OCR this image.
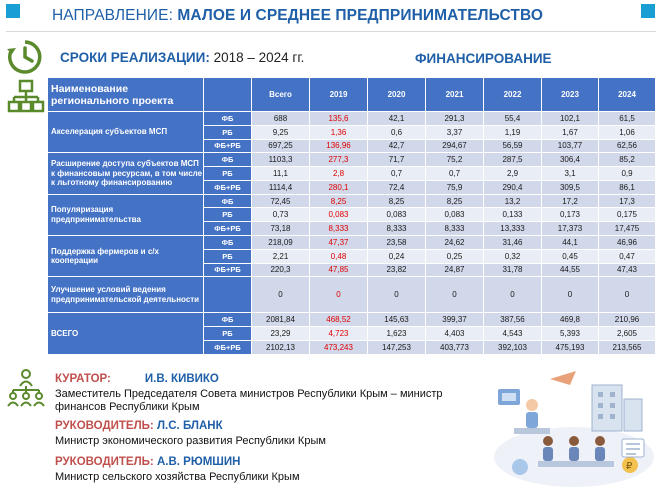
НАПРАВЛЕНИЕ: МАЛОЕ И СРЕДНЕЕ ПРЕДПРИНИМАТЕЛЬСТВО
СРОКИ РЕАЛИЗАЦИИ: 2018 – 2024 гг.	ФИНАНСИРОВАНИЕ
Наименование регионального проекта		Всего	2019	2020	2021	2022	2023	2024
Акселерация субъектов МСП	ФБ	688	135,6	42,1	291,3	55,4	102,1	61,5
	РБ	9,25	1,36	0,6	3,37	1,19	1,67	1,06
	ФБ+РБ	697,25	136,96	42,7	294,67	56,59	103,77	62,56
Расширение доступа субъектов МСП к финансовым ресурсам, в том числе к льготному финансированию	ФБ	1103,3	277,3	71,7	75,2	287,5	306,4	85,2
	РБ	11,1	2,8	0,7	0,7	2,9	3,1	0,9
	ФБ+РБ	1114,4	280,1	72,4	75,9	290,4	309,5	86,1
Популяризация предпринимательства	ФБ	72,45	8,25	8,25	8,25	13,2	17,2	17,3
	РБ	0,73	0,083	0,083	0,083	0,133	0,173	0,175
	ФБ+РБ	73,18	8,333	8,333	8,333	13,333	17,373	17,475
Поддержка фермеров и с/х кооперации	ФБ	218,09	47,37	23,58	24,62	31,46	44,1	46,96
	РБ	2,21	0,48	0,24	0,25	0,32	0,45	0,47
	ФБ+РБ	220,3	47,85	23,82	24,87	31,78	44,55	47,43
Улучшение условий ведения предпринимательской деятельности		0	0	0	0	0	0	0
ВСЕГО	ФБ	2081,84	468,52	145,63	399,37	387,56	469,8	210,96
	РБ	23,29	4,723	1,623	4,403	4,543	5,393	2,605
	ФБ+РБ	2102,13	473,243	147,253	403,773	392,103	475,193	213,565
КУРАТОР:	И.В. КИВИКО
Заместитель Председателя Совета министров Республики Крым – министр финансов Республики Крым
РУКОВОДИТЕЛЬ: Л.С. БЛАНК
Министр экономического развития Республики Крым
РУКОВОДИТЕЛЬ: А.В. РЮМШИН
Министр сельского хозяйства Республики Крым
₽
